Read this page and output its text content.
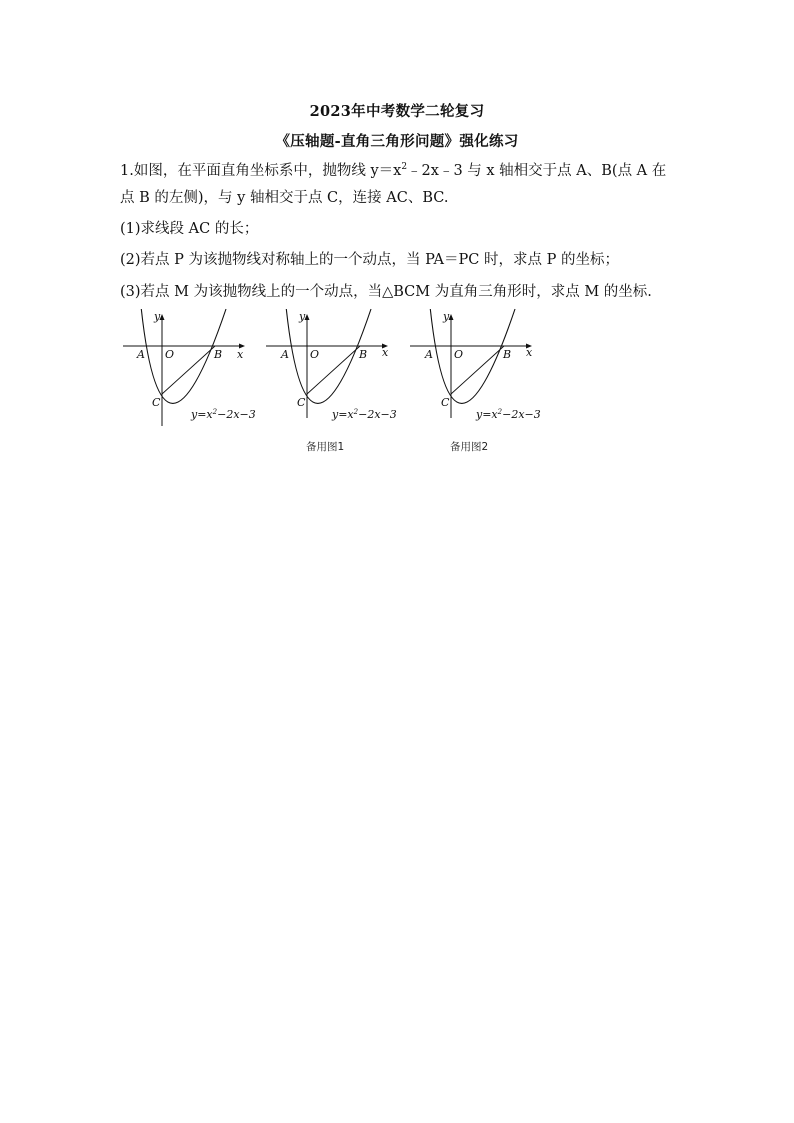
2023年中考数学二轮复习
《压轴题-直角三角形问题》强化练习
1.如图，在平面直角坐标系中，抛物线 $y=x^2﹣2x﹣3$ 与 x 轴相交于点 A、B(点 A 在
点 B 的左侧)，与 y 轴相交于点 C，连接 AC、BC.
(1)求线段 AC 的长；
(2)若点 P 为该抛物线对称轴上的一个动点，当 PA＝PC 时，求点 P 的坐标；
(3)若点 M 为该抛物线上的一个动点，当△BCM 为直角三角形时，求点 M 的坐标.
y
x
A O	B
C
$y=x^2-2x-3$
y
x
A O	B
C
$y=x^2-2x-3$
y
x
A O	B
C
$y=x^2-2x-3$
备用图1	备用图2
